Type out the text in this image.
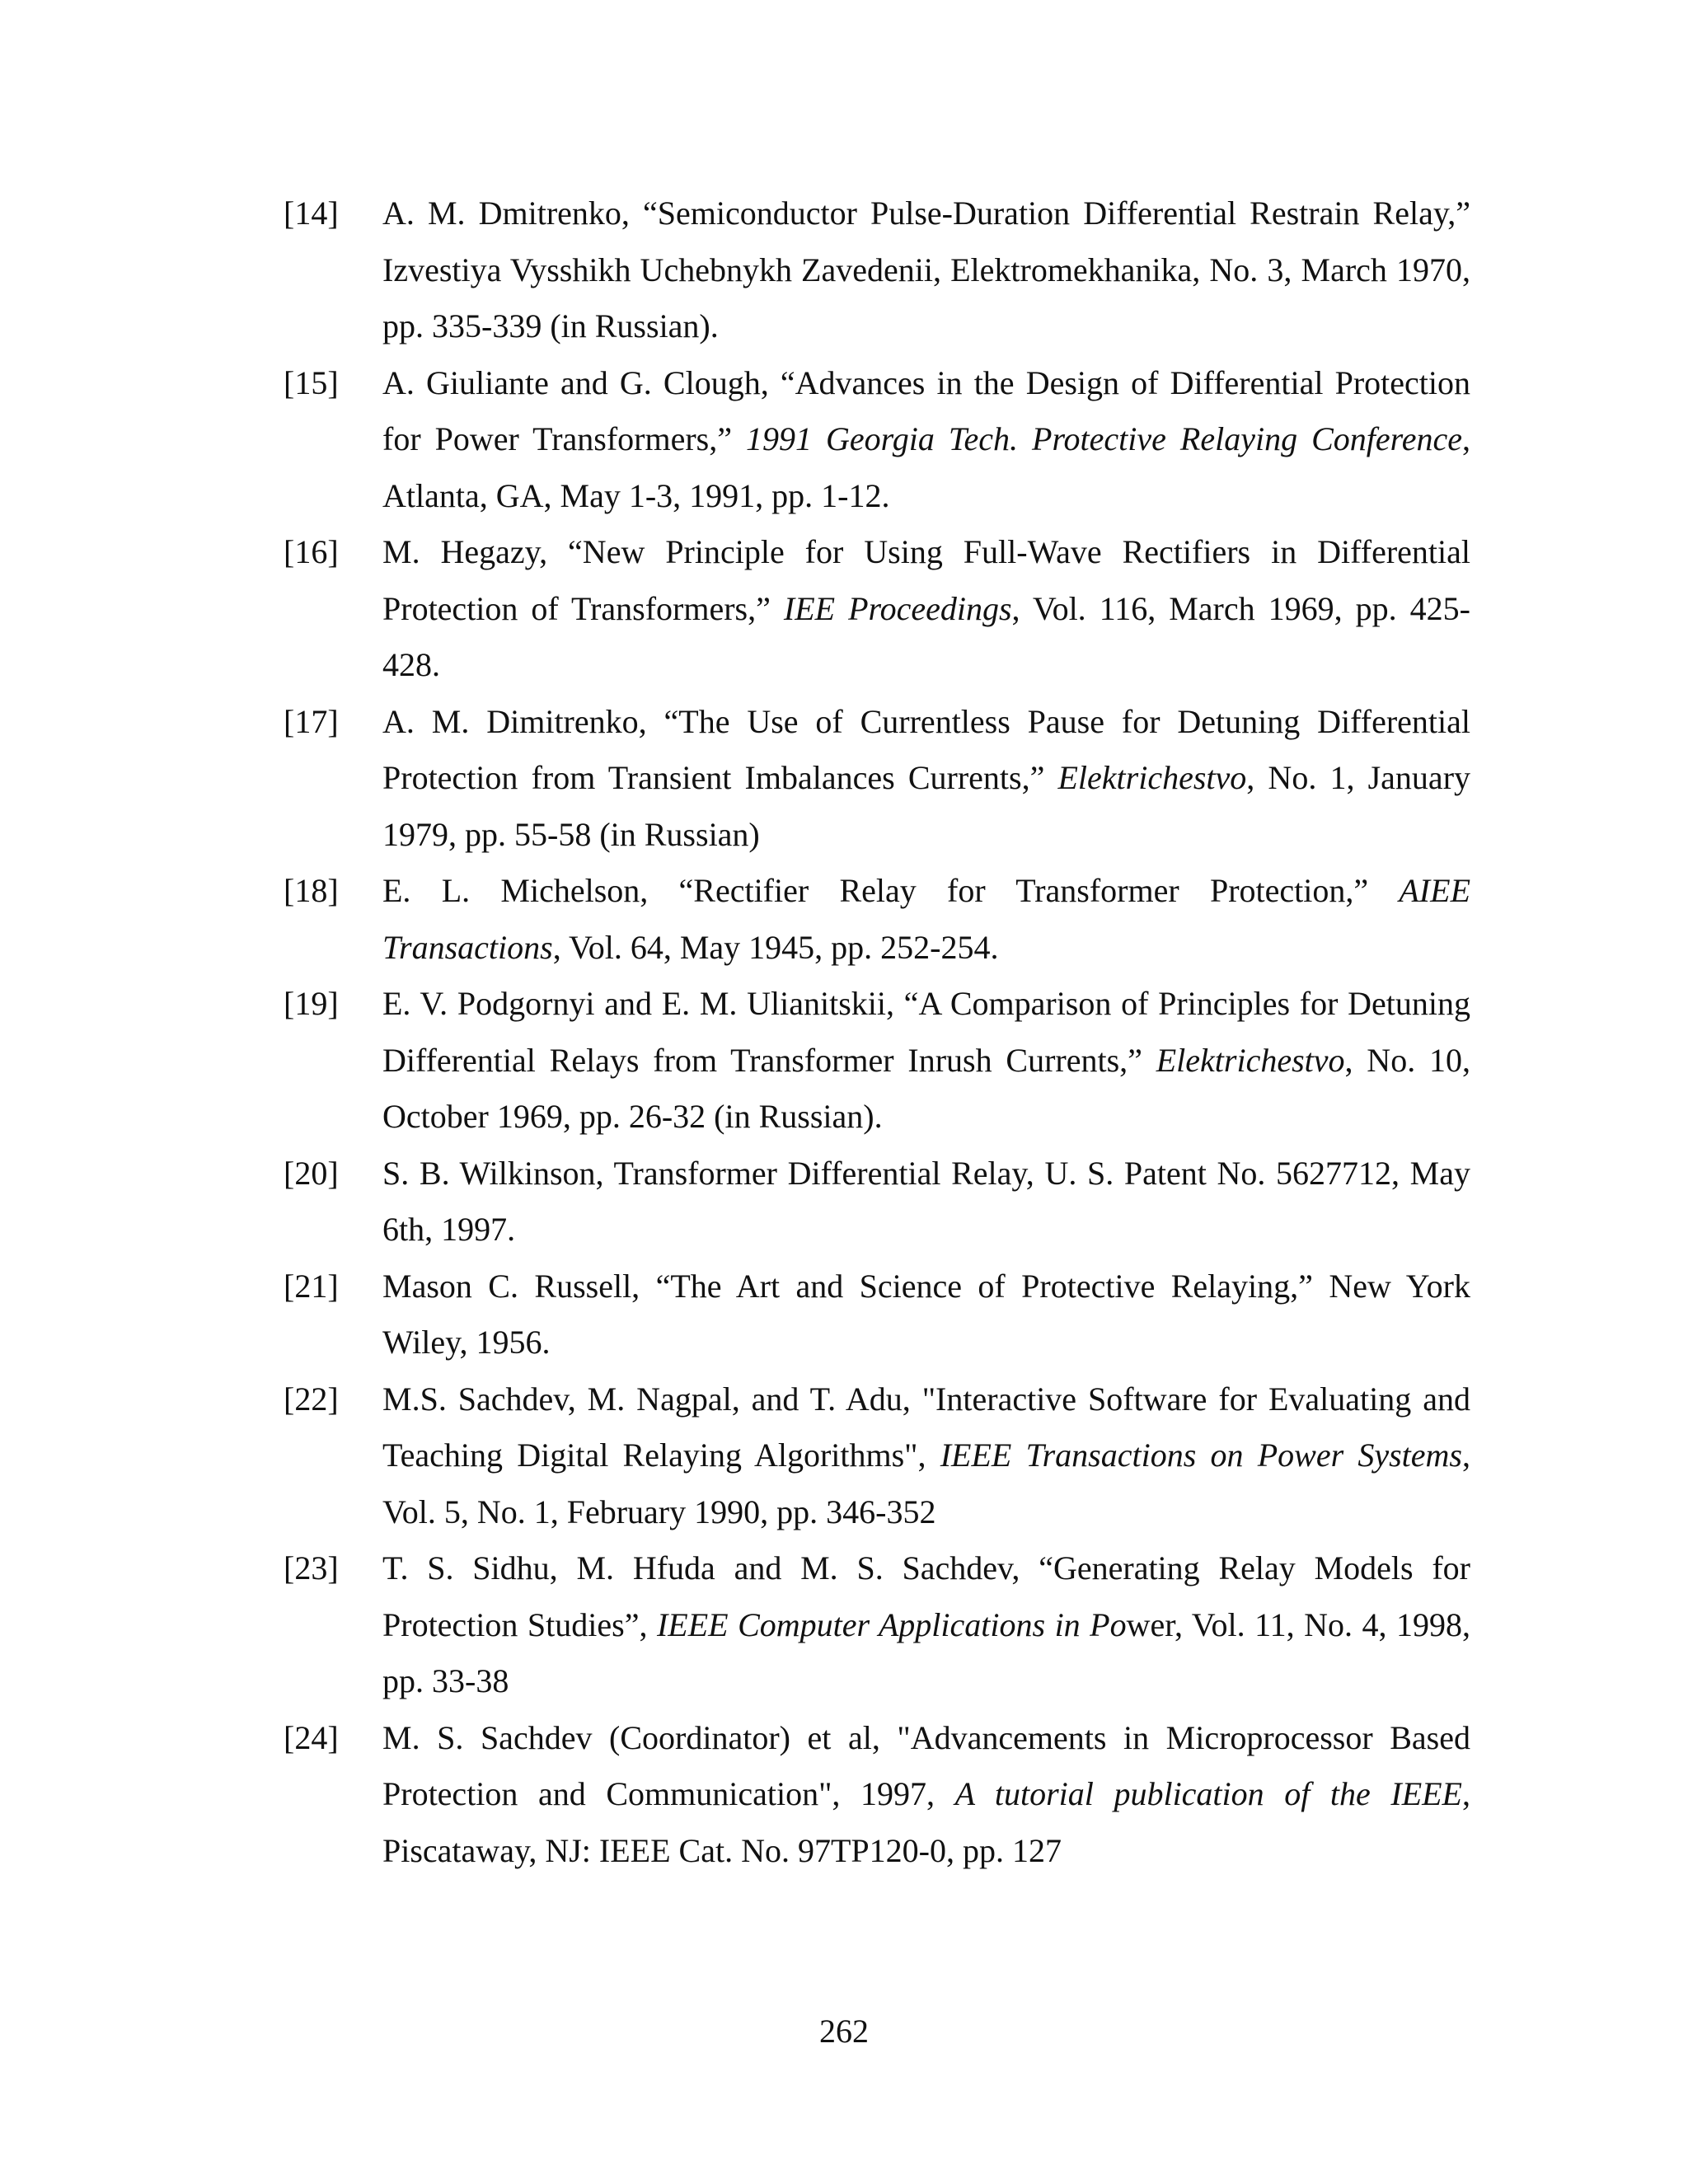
[14]	A. M. Dmitrenko, “Semiconductor Pulse-Duration Differential Restrain Relay,” Izvestiya Vysshikh Uchebnykh Zavedenii, Elektromekhanika, No. 3, March 1970, pp. 335-339 (in Russian).
[15]	A. Giuliante and G. Clough, “Advances in the Design of Differential Protection for Power Transformers,” 1991 Georgia Tech. Protective Relaying Conference, Atlanta, GA, May 1-3, 1991, pp. 1-12.
[16]	M. Hegazy, “New Principle for Using Full-Wave Rectifiers in Differential Protection of Transformers,” IEE Proceedings, Vol. 116, March 1969, pp. 425-428.
[17]	A. M. Dimitrenko, “The Use of Currentless Pause for Detuning Differential Protection from Transient Imbalances Currents,” Elektrichestvo, No. 1, January 1979, pp. 55-58 (in Russian)
[18]	E. L. Michelson, “Rectifier Relay for Transformer Protection,” AIEE Transactions, Vol. 64, May 1945, pp. 252-254.
[19]	E. V. Podgornyi and E. M. Ulianitskii, “A Comparison of Principles for Detuning Differential Relays from Transformer Inrush Currents,” Elektrichestvo, No. 10, October 1969, pp. 26-32 (in Russian).
[20]	S. B. Wilkinson, Transformer Differential Relay, U. S. Patent No. 5627712, May 6th, 1997.
[21]	Mason C. Russell, “The Art and Science of Protective Relaying,” New York Wiley, 1956.
[22]	M.S. Sachdev, M. Nagpal, and T. Adu, "Interactive Software for Evaluating and Teaching Digital Relaying Algorithms", IEEE Transactions on Power Systems, Vol. 5, No. 1, February 1990, pp. 346-352
[23]	T. S. Sidhu, M. Hfuda and M. S. Sachdev, “Generating Relay Models for Protection Studies”, IEEE Computer Applications in Power, Vol. 11, No. 4, 1998, pp. 33-38
[24]	M. S. Sachdev (Coordinator) et al, "Advancements in Microprocessor Based Protection and Communication", 1997, A tutorial publication of the IEEE, Piscataway, NJ: IEEE Cat. No. 97TP120-0, pp. 127
262
